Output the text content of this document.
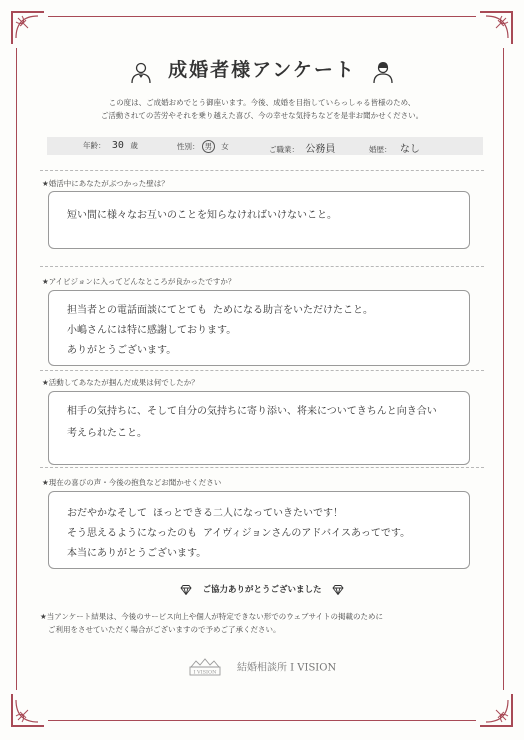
成婚者様アンケート
この度は、ご成婚おめでとう御座います。今後、成婚を目指していらっしゃる皆様のため、
ご活動されての苦労やそれを乗り越えた喜び、今の幸せな気持ちなどを是非お聞かせください。
年齢： 30 歳	性別： 男 女	ご職業： 公務員	婚歴： なし
★婚活中にあなたがぶつかった壁は？
短い間に様々なお互いのことを知らなければいけないこと。
★アイビジョンに入ってどんなところが良かったですか？
担当者との電話面談にてとても ためになる助言をいただけたこと。
小嶋さんには特に感謝しております。
ありがとうございます。
★活動してあなたが掴んだ成果は何でしたか？
相手の気持ちに、そして自分の気持ちに寄り添い、将来についてきちんと向き合い
考えられたこと。
★現在の喜びの声・今後の抱負などお聞かせください
おだやかなそして ほっとできる二人になっていきたいです！
そう思えるようになったのも アイヴィジョンさんのアドバイスあってです。
本当にありがとうございます。
ご協力ありがとうございました
★当アンケート結果は、今後のサービス向上や個人が特定できない形でのウェブサイトの掲載のために
ご利用をさせていただく場合がございますので予めご了承ください。
I VISION 結婚相談所 I VISION
